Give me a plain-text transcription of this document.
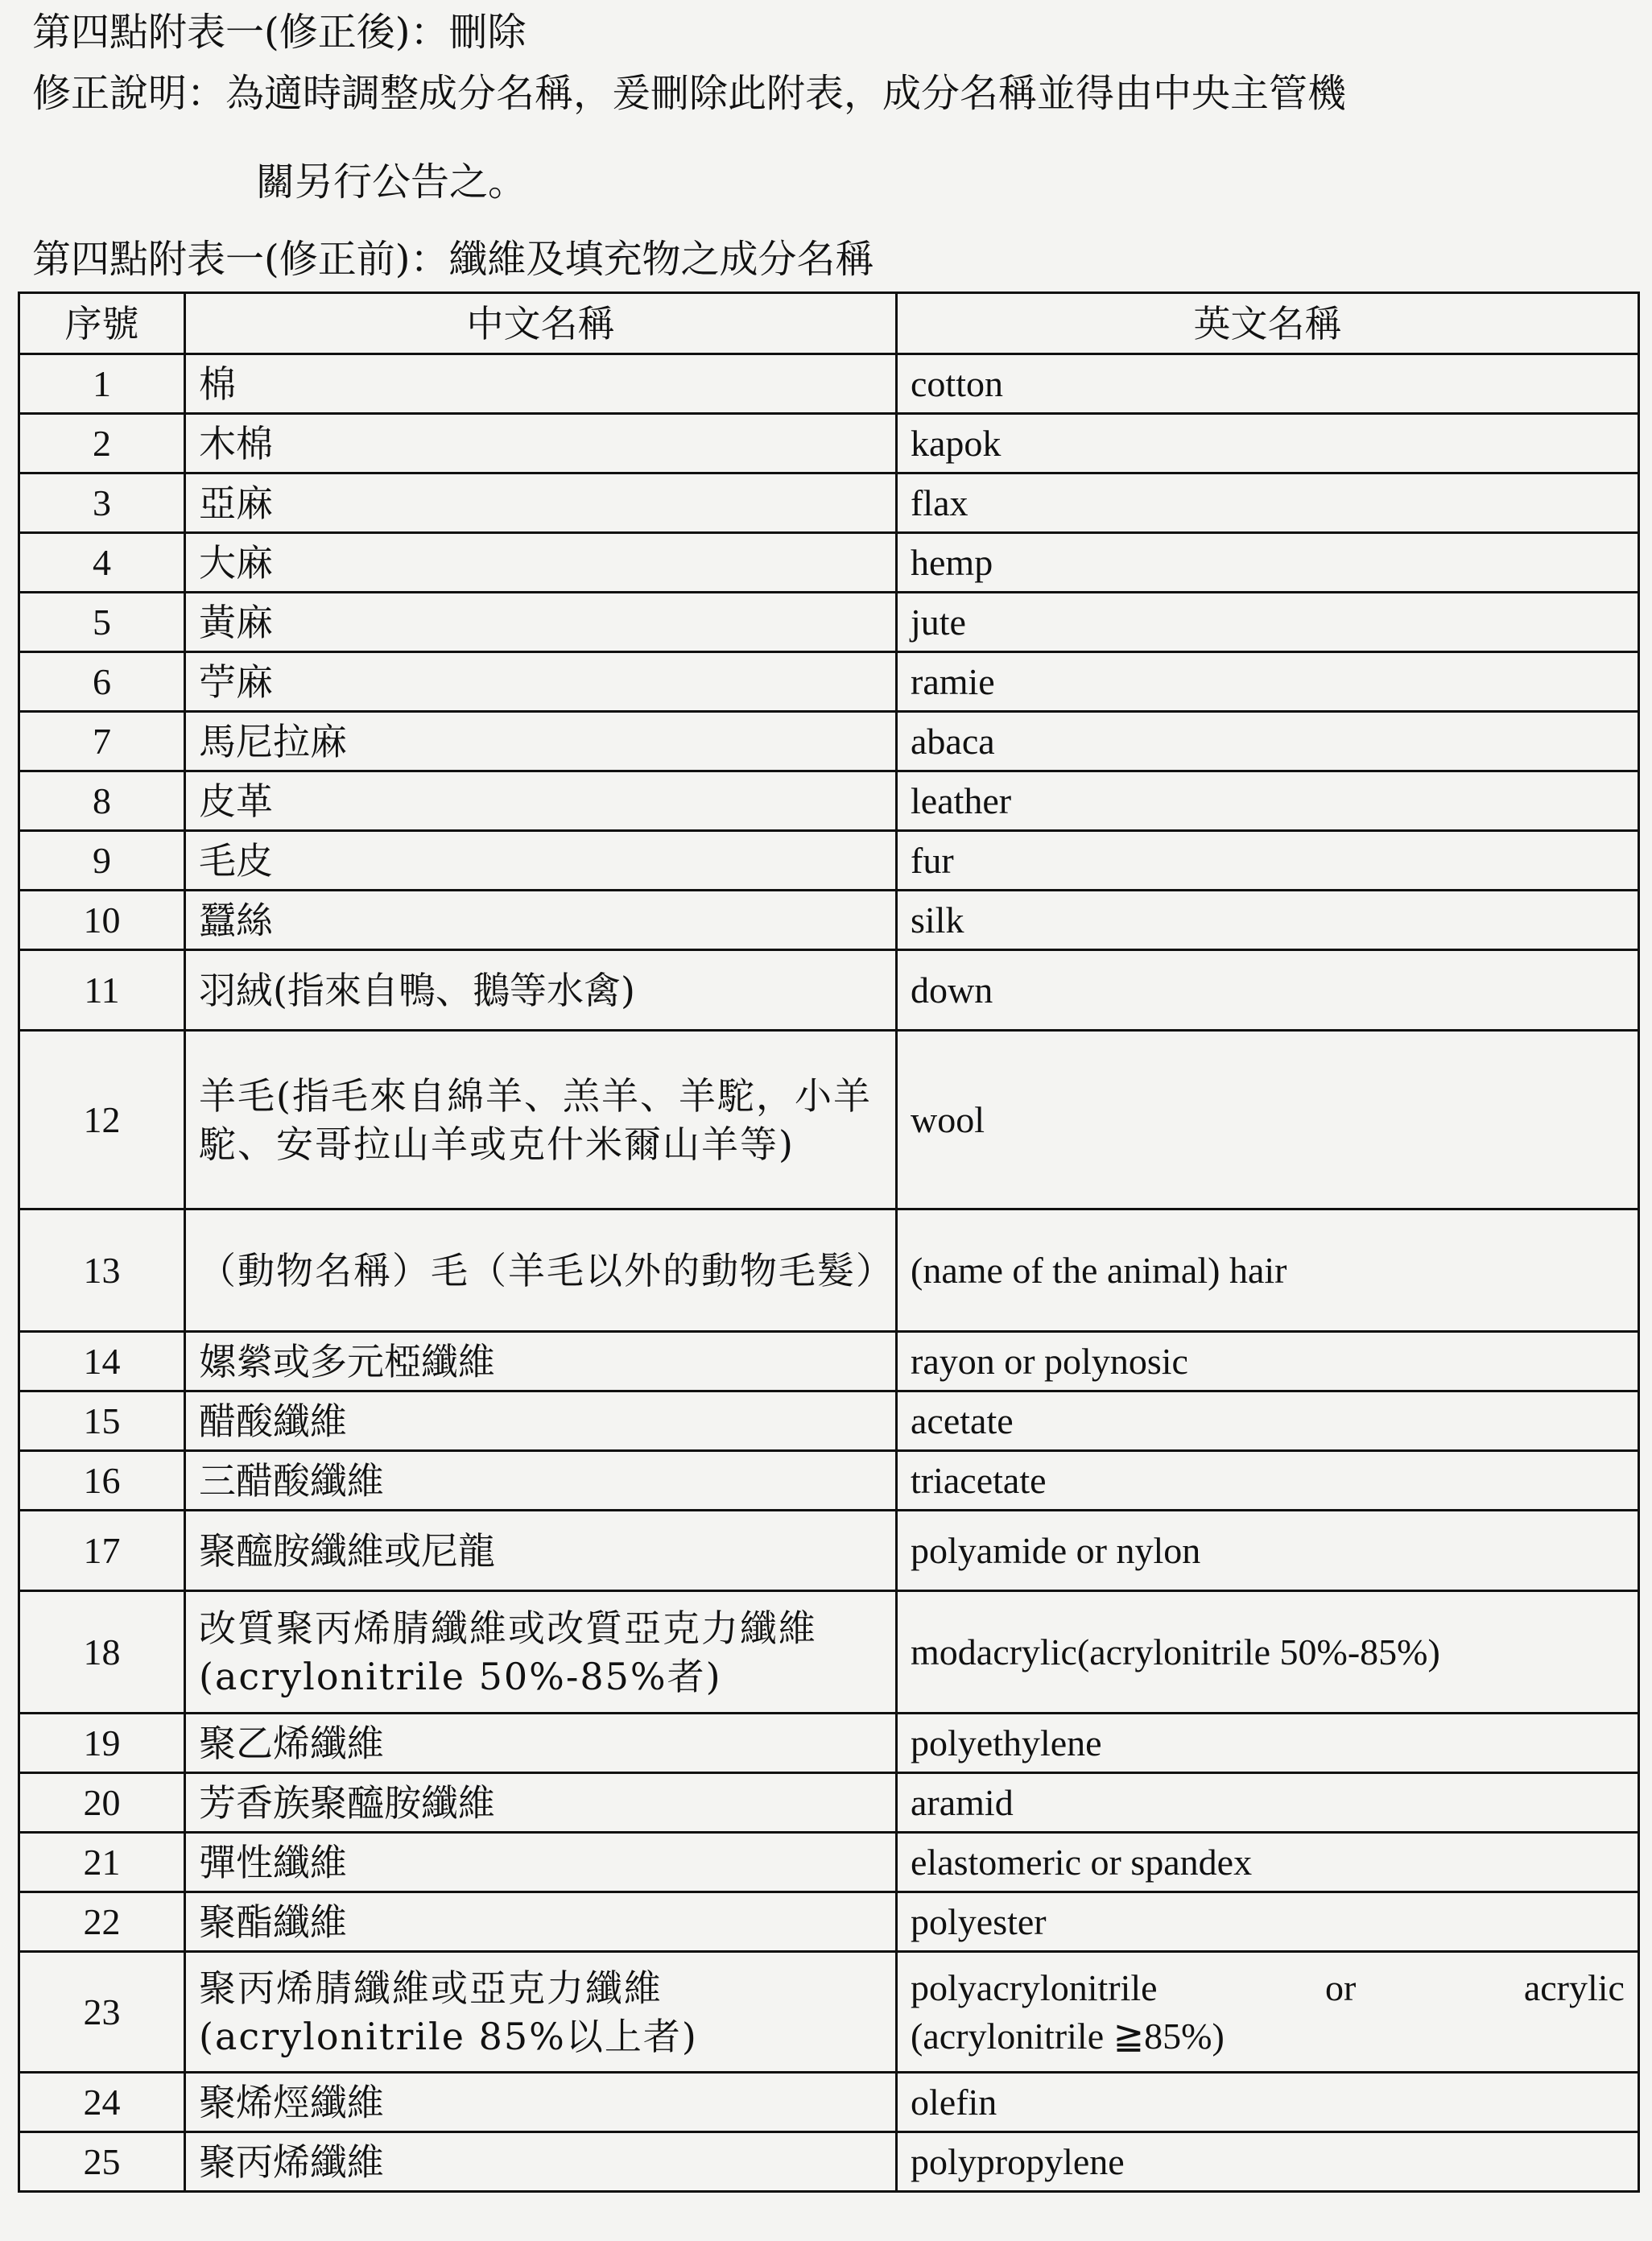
第四點附表一(修正後)：刪除
修正說明：為適時調整成分名稱，爰刪除此附表，成分名稱並得由中央主管機
關另行公告之。
第四點附表一(修正前)：纖維及填充物之成分名稱
序號	中文名稱	英文名稱
1	棉	cotton
2	木棉	kapok
3	亞麻	flax
4	大麻	hemp
5	黃麻	jute
6	苧麻	ramie
7	馬尼拉麻	abaca
8	皮革	leather
9	毛皮	fur
10	蠶絲	silk
11	羽絨(指來自鴨、鵝等水禽)	down
12	羊毛(指毛來自綿羊、羔羊、羊駝，小羊駝、安哥拉山羊或克什米爾山羊等)	wool
13	（動物名稱）毛（羊毛以外的動物毛髮）	(name of the animal) hair
14	嫘縈或多元椏纖維	rayon or polynosic
15	醋酸纖維	acetate
16	三醋酸纖維	triacetate
17	聚醯胺纖維或尼龍	polyamide or nylon
18	改質聚丙烯腈纖維或改質亞克力纖維(acrylonitrile 50%-85%者)	modacrylic(acrylonitrile 50%-85%)
19	聚乙烯纖維	polyethylene
20	芳香族聚醯胺纖維	aramid
21	彈性纖維	elastomeric or spandex
22	聚酯纖維	polyester
23	聚丙烯腈纖維或亞克力纖維(acrylonitrile 85%以上者)	polyacrylonitrile or acrylic
(acrylonitrile ≧85%)

24	聚烯烴纖維	olefin
25	聚丙烯纖維	polypropylene
